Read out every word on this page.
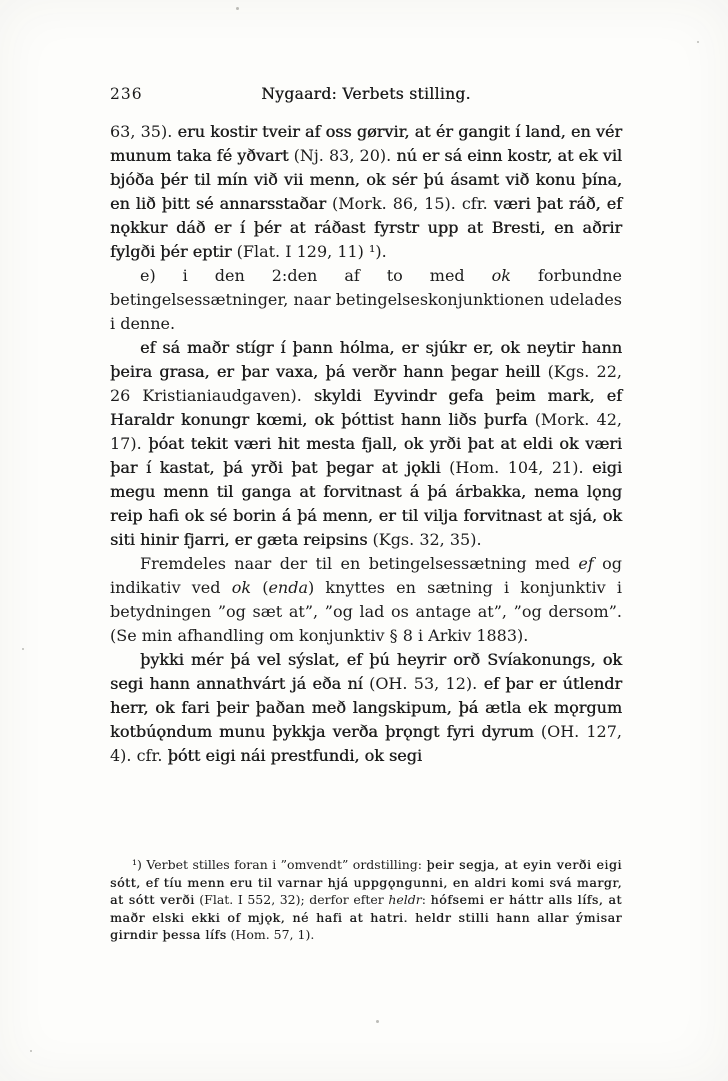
236	Nygaard: Verbets stilling.

63, 35). eru kostir tveir af oss gørvir, at ér gangit í land, en vér munum taka fé yðvart (Nj. 83, 20). nú er sá einn kostr, at ek vil bjóða þér til mín við vii menn, ok sér þú ásamt við konu þína, en lið þitt sé annarsstaðar (Mork. 86, 15). cfr. væri þat ráð, ef nǫkkur dáð er í þér at ráðast fyrstr upp at Bresti, en aðrir fylgði þér eptir (Flat. I 129, 11) ¹).

e) i den 2:den af to med ok forbundne betingelsessætninger, naar betingelseskonjunktionen udelades i denne.

ef sá maðr stígr í þann hólma, er sjúkr er, ok neytir hann þeira grasa, er þar vaxa, þá verðr hann þegar heill (Kgs. 22, 26 Kristianiaudgaven). skyldi Eyvindr gefa þeim mark, ef Haraldr konungr kœmi, ok þóttist hann liðs þurfa (Mork. 42, 17). þóat tekit væri hit mesta fjall, ok yrði þat at eldi ok væri þar í kastat, þá yrði þat þegar at jǫkli (Hom. 104, 21). eigi megu menn til ganga at forvitnast á þá árbakka, nema lǫng reip hafi ok sé borin á þá menn, er til vilja forvitnast at sjá, ok siti hinir fjarri, er gæta reipsins (Kgs. 32, 35).

Fremdeles naar der til en betingelsessætning med ef og indikativ ved ok (enda) knyttes en sætning i konjunktiv i betydningen ”og sæt at”, ”og lad os antage at”, ”og dersom”. (Se min afhandling om konjunktiv § 8 i Arkiv 1883).

þykki mér þá vel sýslat, ef þú heyrir orð Svíakonungs, ok segi hann annathvárt já eða ní (OH. 53, 12). ef þar er útlendr herr, ok fari þeir þaðan með langskipum, þá ætla ek mǫrgum kotbúǫndum munu þykkja verða þrǫngt fyri dyrum (OH. 127, 4). cfr. þótt eigi nái prestfundi, ok segi

¹) Verbet stilles foran i ”omvendt” ordstilling: þeir segja, at eyin verði eigi sótt, ef tíu menn eru til varnar hjá uppgǫngunni, en aldri komi svá margr, at sótt verði (Flat. I 552, 32); derfor efter heldr: hófsemi er háttr alls lífs, at maðr elski ekki of mjǫk, né hafi at hatri. heldr stilli hann allar ýmisar girndir þessa lífs (Hom. 57, 1).
